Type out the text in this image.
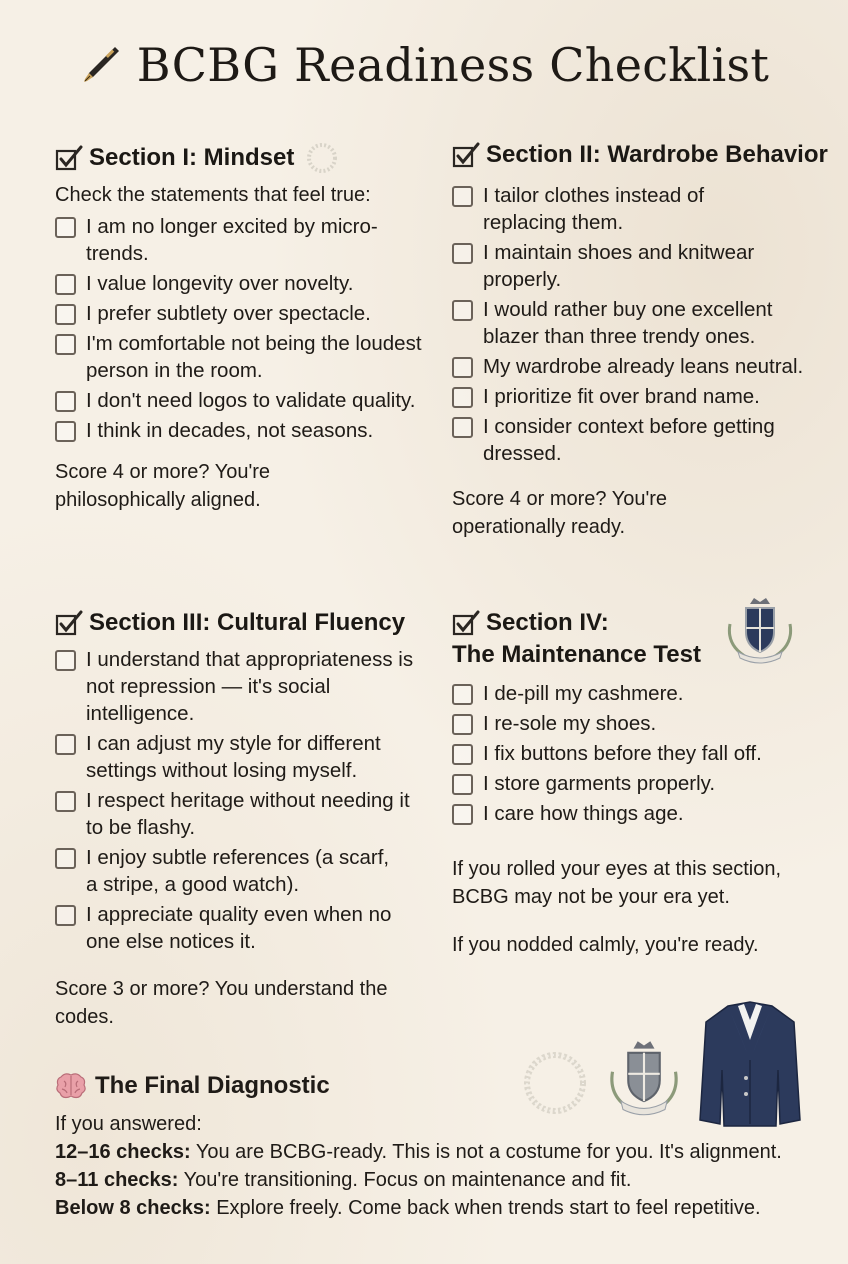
BCBG Readiness Checklist
Section I: Mindset
Check the statements that feel true:
I am no longer excited by micro-trends.
I value longevity over novelty.
I prefer subtlety over spectacle.
I'm comfortable not being the loudest person in the room.
I don't need logos to validate quality.
I think in decades, not seasons.
Score 4 or more? You're philosophically aligned.
Section II: Wardrobe Behavior
I tailor clothes instead of replacing them.
I maintain shoes and knitwear properly.
I would rather buy one excellent blazer than three trendy ones.
My wardrobe already leans neutral.
I prioritize fit over brand name.
I consider context before getting dressed.
Score 4 or more? You're operationally ready.
Section III: Cultural Fluency
I understand that appropriateness is not repression — it's social intelligence.
I can adjust my style for different settings without losing myself.
I respect heritage without needing it to be flashy.
I enjoy subtle references (a scarf, a stripe, a good watch).
I appreciate quality even when no one else notices it.
Score 3 or more? You understand the codes.
Section IV:
The Maintenance Test
I de-pill my cashmere.
I re-sole my shoes.
I fix buttons before they fall off.
I store garments properly.
I care how things age.
If you rolled your eyes at this section, BCBG may not be your era yet.
If you nodded calmly, you're ready.
The Final Diagnostic

If you answered:

12–16 checks: You are BCBG-ready. This is not a costume for you. It's alignment.

8–11 checks: You're transitioning. Focus on maintenance and fit.

Below 8 checks: Explore freely. Come back when trends start to feel repetitive.
